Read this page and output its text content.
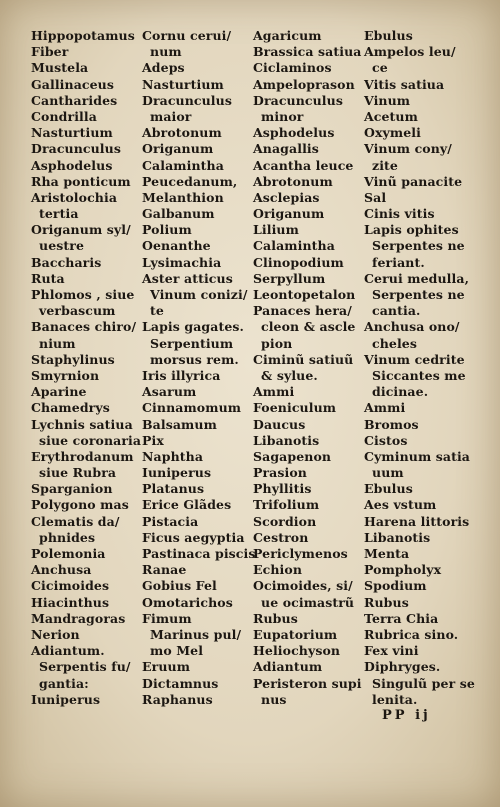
Hippopotamus
Fiber
Mustela
Gallinaceus
Cantharides
Condrilla
Nasturtium
Dracunculus
Asphodelus
Rha ponticum
Aristolochia
tertia
Origanum syl/
uestre
Baccharis
Ruta
Phlomos , siue
verbascum
Banaces chiro/
nium
Staphylinus
Smyrnion
Aparine
Chamedrys
Lychnis satiua
siue coronaria
Erythrodanum
siue Rubra
Sparganion
Polygono mas
Clematis da/
phnides
Polemonia
Anchusa
Cicimoides
Hiacinthus
Mandragoras
Nerion
Adiantum.
Serpentis fu/
gantia:
Iuniperus
Cornu cerui/
num
Adeps
Nasturtium
Dracunculus
maior
Abrotonum
Origanum
Calamintha
Peucedanum,
Melanthion
Galbanum
Polium
Oenanthe
Lysimachia
Aster atticus
Vinum conizi/
te
Lapis gagates.
Serpentium
morsus rem.
Iris illyrica
Asarum
Cinnamomum
Balsamum
Pix
Naphtha
Iuniperus
Platanus
Erice Glãdes
Pistacia
Ficus aegyptia
Pastinaca piscis
Ranae
Gobius Fel
Omotarichos
Fimum
Marinus pul/
mo Mel
Eruum
Dictamnus
Raphanus
Agaricum
Brassica satiua
Ciclaminos
Ampeloprason
Dracunculus
minor
Asphodelus
Anagallis
Acantha leuce
Abrotonum
Asclepias
Origanum
Lilium
Calamintha
Clinopodium
Serpyllum
Leontopetalon
Panaces hera/
cleon & ascle
pion
Ciminũ satiuũ
& sylue.
Ammi
Foeniculum
Daucus
Libanotis
Sagapenon
Prasion
Phyllitis
Trifolium
Scordion
Cestron
Periclymenos
Echion
Ocimoides, si/
ue ocimastrũ
Rubus
Eupatorium
Heliochyson
Adiantum
Peristeron supi
nus
Ebulus
Ampelos leu/
ce
Vitis satiua
Vinum
Acetum
Oxymeli
Vinum cony/
zite
Vinũ panacite
Sal
Cinis vitis
Lapis ophites
Serpentes ne
feriant.
Cerui medulla,
Serpentes ne
cantia.
Anchusa ono/
cheles
Vinum cedrite
Siccantes me
dicinae.
Ammi
Bromos
Cistos
Cyminum satia
uum
Ebulus
Aes vstum
Harena littoris
Libanotis
Menta
Pompholyx
Spodium
Rubus
Terra Chia
Rubrica sino.
Fex vini
Diphryges.
Singulũ per se
lenita.
PP ij
